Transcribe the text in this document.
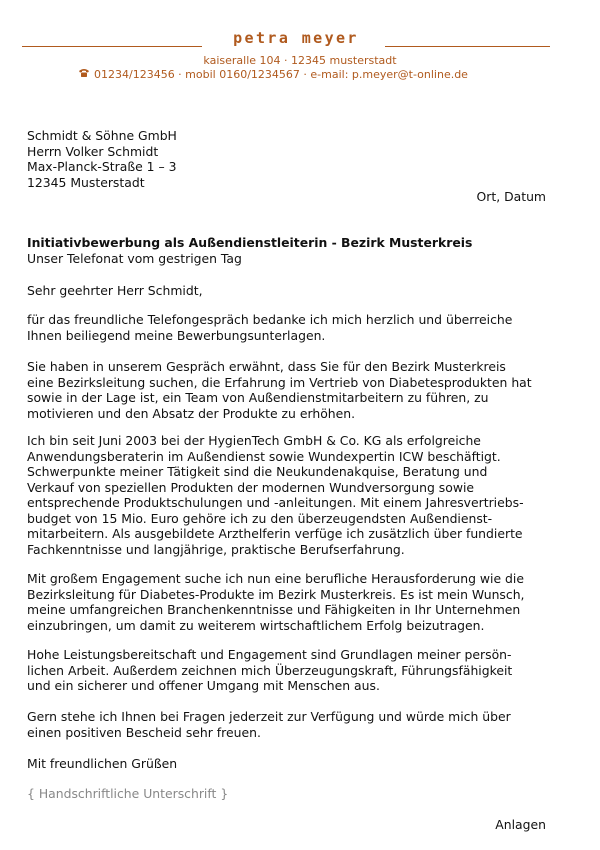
petra meyer
kaiseralle 104 · 12345 musterstadt
01234/123456 · mobil 0160/1234567 · e-mail: p.meyer@t-online.de
Schmidt & Söhne GmbH
Herrn Volker Schmidt
Max-Planck-Straße 1 – 3
12345 Musterstadt
Ort, Datum
Initiativbewerbung als Außendienstleiterin - Bezirk Musterkreis
Unser Telefonat vom gestrigen Tag
Sehr geehrter Herr Schmidt,
für das freundliche Telefongespräch bedanke ich mich herzlich und überreiche
Ihnen beiliegend meine Bewerbungsunterlagen.
Sie haben in unserem Gespräch erwähnt, dass Sie für den Bezirk Musterkreis
eine Bezirksleitung suchen, die Erfahrung im Vertrieb von Diabetesprodukten hat
sowie in der Lage ist, ein Team von Außendienstmitarbeitern zu führen, zu
motivieren und den Absatz der Produkte zu erhöhen.
Ich bin seit Juni 2003 bei der HygienTech GmbH & Co. KG als erfolgreiche
Anwendungsberaterin im Außendienst sowie Wundexpertin ICW beschäftigt.
Schwerpunkte meiner Tätigkeit sind die Neukundenakquise, Beratung und
Verkauf von speziellen Produkten der modernen Wundversorgung sowie
entsprechende Produktschulungen und -anleitungen. Mit einem Jahresvertriebs-
budget von 15 Mio. Euro gehöre ich zu den überzeugendsten Außendienst-
mitarbeitern. Als ausgebildete Arzthelferin verfüge ich zusätzlich über fundierte
Fachkenntnisse und langjährige, praktische Berufserfahrung.
Mit großem Engagement suche ich nun eine berufliche Herausforderung wie die
Bezirksleitung für Diabetes-Produkte im Bezirk Musterkreis. Es ist mein Wunsch,
meine umfangreichen Branchenkenntnisse und Fähigkeiten in Ihr Unternehmen
einzubringen, um damit zu weiterem wirtschaftlichem Erfolg beizutragen.
Hohe Leistungsbereitschaft und Engagement sind Grundlagen meiner persön-
lichen Arbeit. Außerdem zeichnen mich Überzeugungskraft, Führungsfähigkeit
und ein sicherer und offener Umgang mit Menschen aus.
Gern stehe ich Ihnen bei Fragen jederzeit zur Verfügung und würde mich über
einen positiven Bescheid sehr freuen.
Mit freundlichen Grüßen
{ Handschriftliche Unterschrift }
Anlagen
